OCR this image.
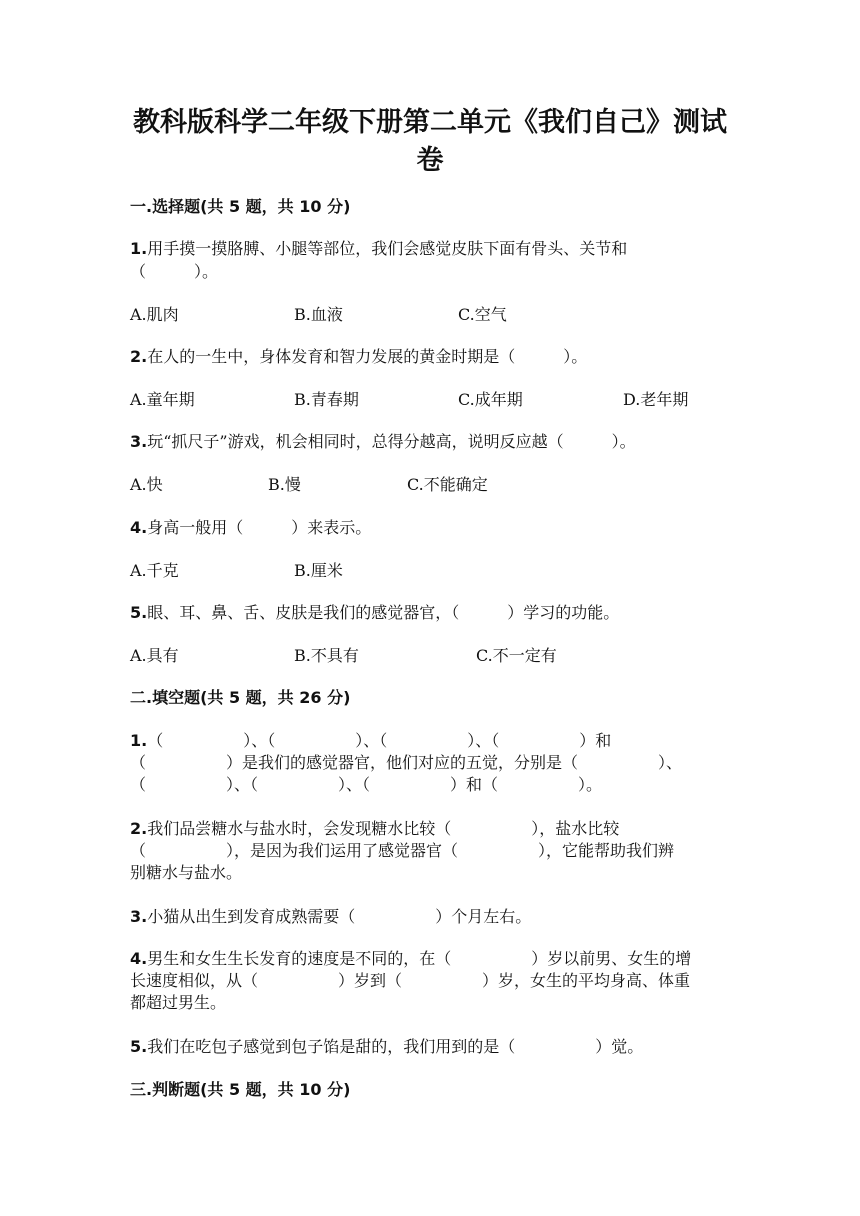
教科版科学二年级下册第二单元《我们自己》测试
卷
一.选择题(共 5 题，共 10 分)
1.用手摸一摸胳膊、小腿等部位，我们会感觉皮肤下面有骨头、关节和
（　　　）。
A.肌肉	B.血液	C.空气
2.在人的一生中，身体发育和智力发展的黄金时期是（　　　）。
A.童年期	B.青春期	C.成年期	D.老年期
3.玩“抓尺子”游戏，机会相同时，总得分越高，说明反应越（　　　）。
A.快	B.慢	C.不能确定
4.身高一般用（　　　）来表示。
A.千克	B.厘米
5.眼、耳、鼻、舌、皮肤是我们的感觉器官，（　　　）学习的功能。
A.具有	B.不具有	C.不一定有
二.填空题(共 5 题，共 26 分)
1.（　　　　　）、（　　　　　）、（　　　　　）、（　　　　　）和
（　　　　　）是我们的感觉器官，他们对应的五觉，分别是（　　　　　）、
（　　　　　）、（　　　　　）、（　　　　　）和（　　　　　）。
2.我们品尝糖水与盐水时，会发现糖水比较（　　　　　），盐水比较
（　　　　　），是因为我们运用了感觉器官（　　　　　），它能帮助我们辨
别糖水与盐水。
3.小猫从出生到发育成熟需要（　　　　　）个月左右。
4.男生和女生生长发育的速度是不同的，在（　　　　　）岁以前男、女生的增
长速度相似，从（　　　　　）岁到（　　　　　）岁，女生的平均身高、体重
都超过男生。
5.我们在吃包子感觉到包子馅是甜的，我们用到的是（　　　　　）觉。
三.判断题(共 5 题，共 10 分)
